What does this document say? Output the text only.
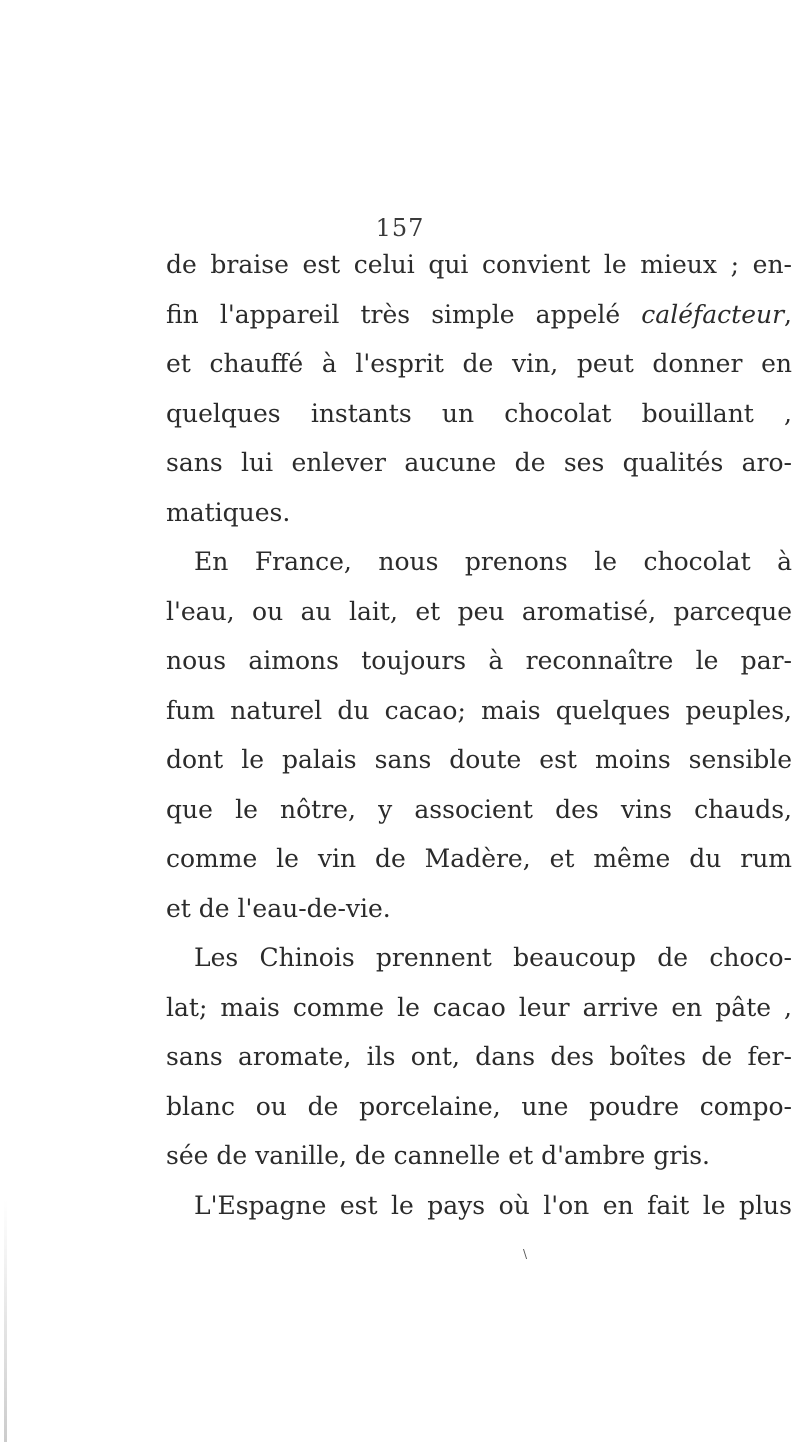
157
de braise est celui qui convient le mieux ; en-
fin l'appareil très simple appelé caléfacteur,
et chauffé à l'esprit de vin, peut donner en
quelques instants un chocolat bouillant ,
sans lui enlever aucune de ses qualités aro-
matiques.
En France, nous prenons le chocolat à
l'eau, ou au lait, et peu aromatisé, parceque
nous aimons toujours à reconnaître le par-
fum naturel du cacao; mais quelques peuples,
dont le palais sans doute est moins sensible
que le nôtre, y associent des vins chauds,
comme le vin de Madère, et même du rum
et de l'eau-de-vie.
Les Chinois prennent beaucoup de choco-
lat; mais comme le cacao leur arrive en pâte ,
sans aromate, ils ont, dans des boîtes de fer-
blanc ou de porcelaine, une poudre compo-
sée de vanille, de cannelle et d'ambre gris.
L'Espagne est le pays où l'on en fait le plus
\
